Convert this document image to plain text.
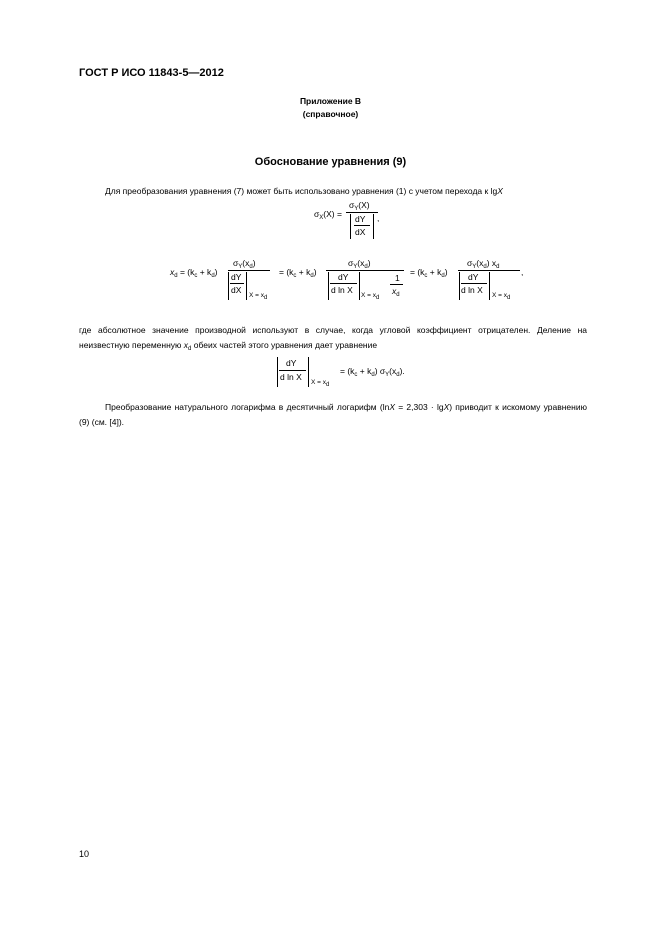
ГОСТ Р ИСО 11843-5—2012
Приложение В
(справочное)
Обоснование уравнения (9)
Для преобразования уравнения (7) может быть использовано уравнения (1) с учетом перехода к lgX
$\sigma_X(X)$ =
$\sigma_Y(X)$
dY
dX
,
$x_d = (k_c + k_d)$
$\sigma_Y(x_d)$
dY
dX
$X = x_d$
= $(k_c + k_d)$
$\sigma_Y(x_d)$
dY
d ln X
$X = x_d$
1
$x_d$
= $(k_c + k_d)$
$\sigma_Y(x_d)$ $x_d$
dY
d ln X
$X = x_d$
,
где абсолютное значение производной используют в случае, когда угловой коэффициент отрицателен. Деление на неизвестную переменную $x_d$ обеих частей этого уравнения дает уравнение
dY
d ln X
$X = x_d$
= $(k_c + k_d)$ $\sigma_Y(x_d)$.
Преобразование натурального логарифма в десятичный логарифм (lnX = 2,303 · lgX) приводит к искомому уравнению (9) (см. [4]).
10
